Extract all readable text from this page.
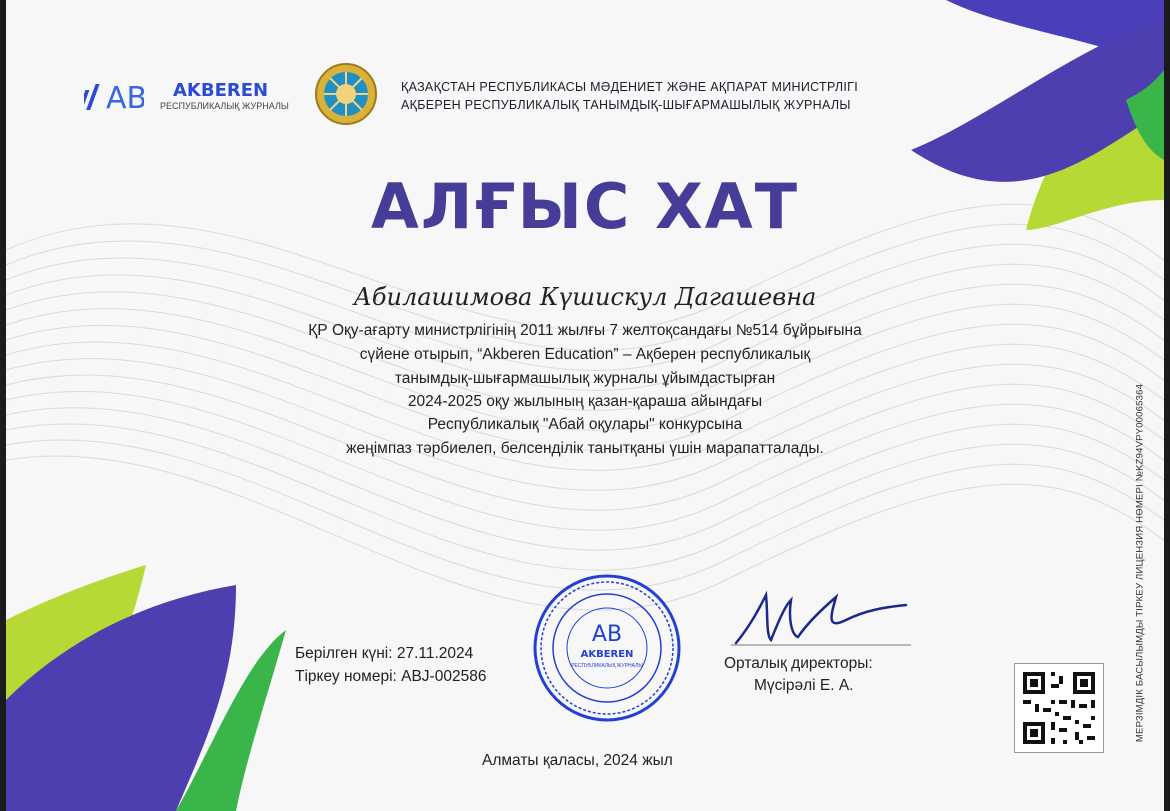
AB AKBEREN
РЕСПУБЛИКАЛЫҚ ЖУРНАЛЫ
ҚАЗАҚСТАН РЕСПУБЛИКАСЫ МӘДЕНИЕТ ЖӘНЕ АҚПАРАТ МИНИСТРЛІГІ
АҚБЕРЕН РЕСПУБЛИКАЛЫҚ ТАНЫМДЫҚ-ШЫҒАРМАШЫЛЫҚ ЖУРНАЛЫ
АЛҒЫС ХАТ
Абилашимова Күшискул Дагашевна
ҚР Оқу-ағарту министрлігінің 2011 жылғы 7 желтоқсандағы №514 бұйрығына
сүйене отырып, “Akberen Education” – Ақберен республикалық
танымдық-шығармашылық журналы ұйымдастырған
2024-2025 оқу жылының қазан-қараша айындағы
Республикалық "Абай оқулары" конкурсына
жеңімпаз тәрбиелеп, белсенділік танытқаны үшін марапатталады.
Берілген күні: 27.11.2024
Тіркеу номері: ABJ-002586
AB
AKBEREN
РЕСПУБЛИКАЛЫҚ ЖУРНАЛЫ	Орталық директоры:
Мүсірәлі Е. А.
Алматы қаласы, 2024 жыл
МЕРЗІМДІК БАСЫЛЫМДЫ ТІРКЕУ ЛИЦЕНЗИЯ НӨМЕРІ №KZ94VPY00065364
